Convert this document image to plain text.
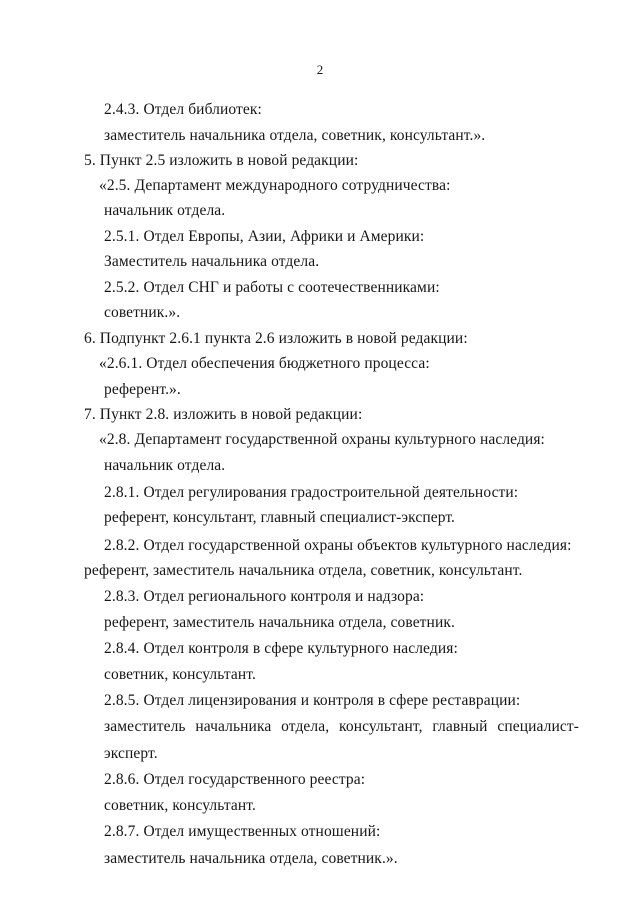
2
2.4.3. Отдел библиотек:
заместитель начальника отдела, советник, консультант.».
5. Пункт 2.5 изложить в новой редакции:
«2.5. Департамент международного сотрудничества:
начальник отдела.
2.5.1. Отдел Европы, Азии, Африки и Америки:
Заместитель начальника отдела.
2.5.2. Отдел СНГ и работы с соотечественниками:
советник.».
6. Подпункт 2.6.1 пункта 2.6 изложить в новой редакции:
«2.6.1. Отдел обеспечения бюджетного процесса:
референт.».
7. Пункт 2.8. изложить в новой редакции:
«2.8. Департамент государственной охраны культурного наследия:
начальник отдела.
2.8.1. Отдел регулирования градостроительной деятельности:
референт, консультант, главный специалист-эксперт.
2.8.2. Отдел государственной охраны объектов культурного наследия:
референт, заместитель начальника отдела, советник, консультант.
2.8.3. Отдел регионального контроля и надзора:
референт, заместитель начальника отдела, советник.
2.8.4. Отдел контроля в сфере культурного наследия:
советник, консультант.
2.8.5. Отдел лицензирования и контроля в сфере реставрации:
заместитель начальника отдела, консультант, главный специалист-
эксперт.
2.8.6. Отдел государственного реестра:
советник, консультант.
2.8.7. Отдел имущественных отношений:
заместитель начальника отдела, советник.».
